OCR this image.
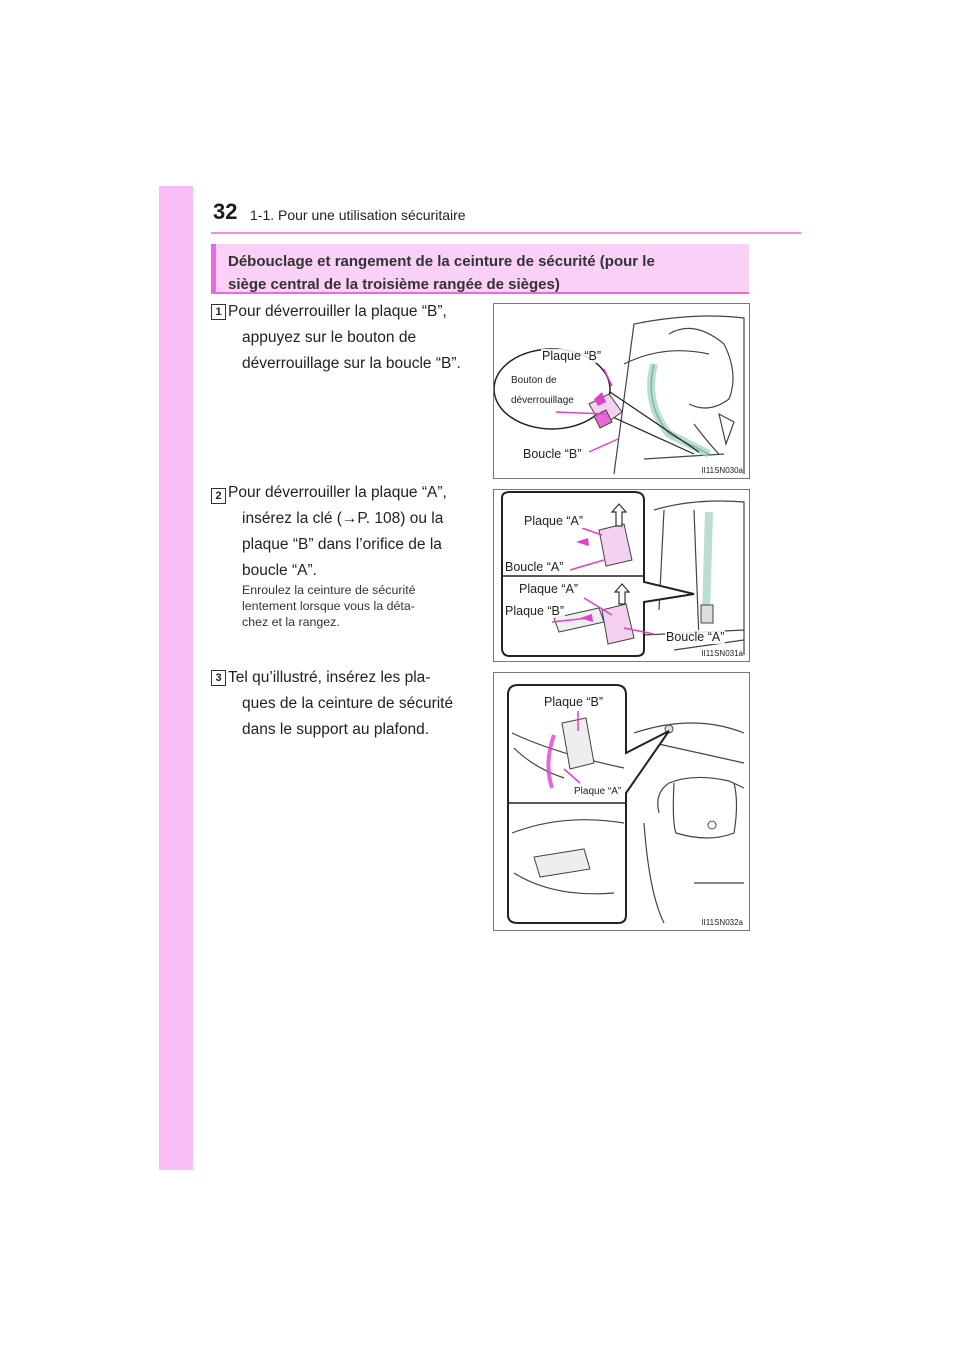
32 1-1. Pour une utilisation sécuritaire
Débouclage et rangement de la ceinture de sécurité (pour le
siège central de la troisième rangée de sièges)
1 Pour déverrouiller la plaque “B”,
appuyez sur le bouton de
déverrouillage sur la boucle “B”.
2 Pour déverrouiller la plaque “A”,
insérez la clé (→P. 108) ou la
plaque “B” dans l’orifice de la
boucle “A”.
Enroulez la ceinture de sécurité
lentement lorsque vous la déta-
chez et la rangez.
3 Tel qu’illustré, insérez les pla-
ques de la ceinture de sécurité
dans le support au plafond.
Plaque “B”
Bouton de
déverrouillage
Boucle “B”
II11SN030a
Plaque “A”
Boucle “A”
Plaque “A”
Plaque “B”
Boucle “A”
II11SN031a
Plaque “B”
Plaque “A”
II11SN032a
